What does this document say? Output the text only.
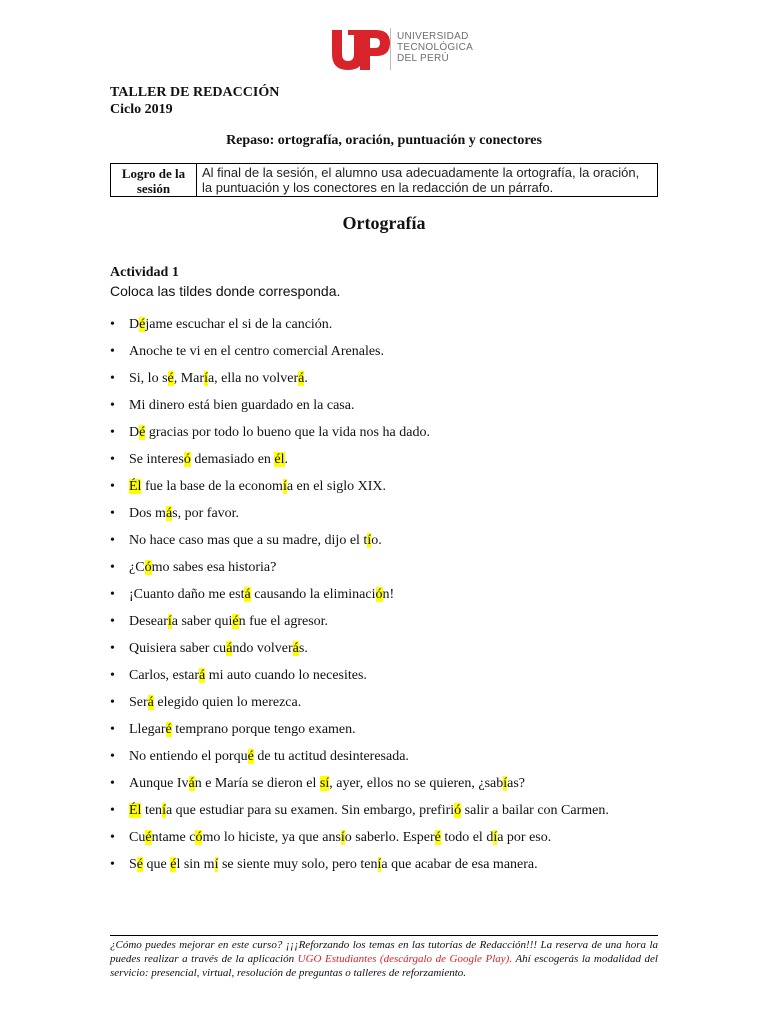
UNIVERSIDAD
TECNOLÓGICA
DEL PERÚ
TALLER DE REDACCIÓN
Ciclo 2019
Repaso: ortografía, oración, puntuación y conectores
Logro de la sesión
Al final de la sesión, el alumno usa adecuadamente la ortografía, la oración, la puntuación y los conectores en la redacción de un párrafo.
Ortografía
Actividad 1
Coloca las tildes donde corresponda.
• Déjame escuchar el si de la canción.
• Anoche te vi en el centro comercial Arenales.
• Si, lo sé, María, ella no volverá.
• Mi dinero está bien guardado en la casa.
• Dé gracias por todo lo bueno que la vida nos ha dado.
• Se interesó demasiado en él.
• Él fue la base de la economía en el siglo XIX.
• Dos más, por favor.
• No hace caso mas que a su madre, dijo el tío.
• ¿Cómo sabes esa historia?
• ¡Cuanto daño me está causando la eliminación!
• Desearía saber quién fue el agresor.
• Quisiera saber cuándo volverás.
• Carlos, estará mi auto cuando lo necesites.
• Será elegido quien lo merezca.
• Llegaré temprano porque tengo examen.
• No entiendo el porqué de tu actitud desinteresada.
• Aunque Iván e María se dieron el sí, ayer, ellos no se quieren, ¿sabías?
• Él tenía que estudiar para su examen. Sin embargo, prefirió salir a bailar con Carmen.
• Cuéntame cómo lo hiciste, ya que ansío saberlo. Esperé todo el día por eso.
• Sé que él sin mí se siente muy solo, pero tenía que acabar de esa manera.
¿Cómo puedes mejorar en este curso? ¡¡¡Reforzando los temas en las tutorías de Redacción!!! La reserva de una hora la puedes realizar a través de la aplicación UGO Estudiantes (descárgalo de Google Play). Ahí escogerás la modalidad del servicio: presencial, virtual, resolución de preguntas o talleres de reforzamiento.
